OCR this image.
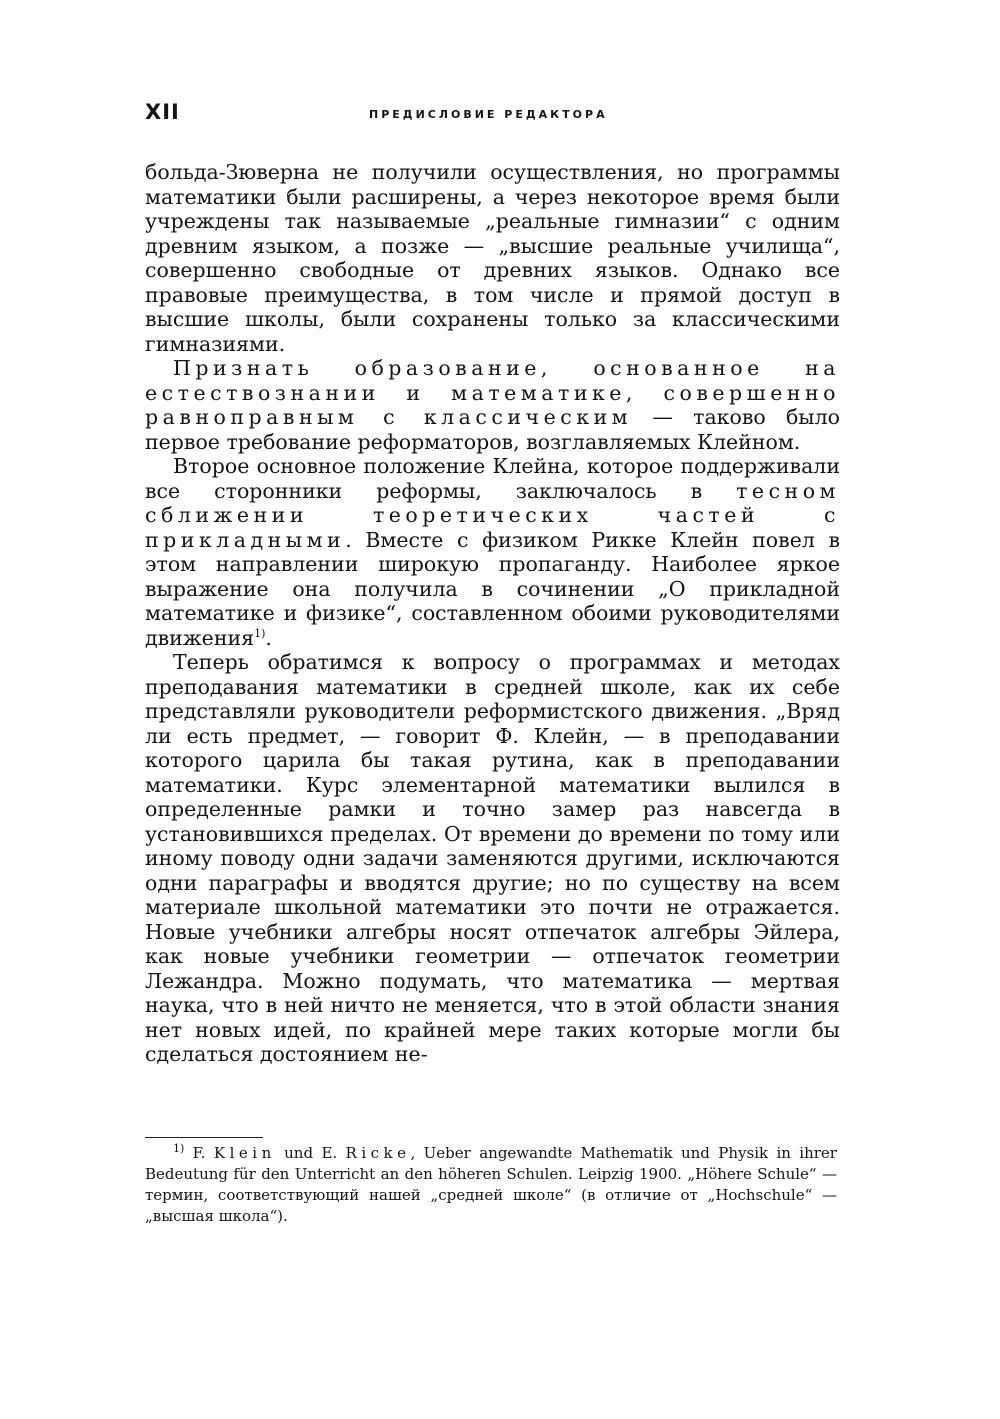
XII	ПРЕДИСЛОВИЕ РЕДАКТОРА

больда-Зюверна не получили осуществления, но программы математики были расширены, а через некоторое время были учреждены так называемые „реальные гимназии“ с одним древним языком, а позже — „высшие реальные училища“, совершенно свободные от древних языков. Однако все правовые преимущества, в том числе и прямой доступ в высшие школы, были сохранены только за классическими гимназиями.

Признать образование, основанное на естествознании и математике, совершенно равноправным с классическим — таково было первое требование реформаторов, возглавляемых Клейном.

Второе основное положение Клейна, которое поддерживали все сторонники реформы, заключалось в тесном сближении теоретических частей с прикладными. Вместе с физиком Рикке Клейн повел в этом направлении широкую пропаганду. Наиболее яркое выражение она получила в сочинении „О прикладной математике и физике“, составленном обоими руководителями движения$^{1)}$.

Теперь обратимся к вопросу о программах и методах преподавания математики в средней школе, как их себе представляли руководители реформистского движения. „Вряд ли есть предмет, — говорит Ф. Клейн, — в преподавании которого царила бы такая рутина, как в преподавании математики. Курс элементарной математики вылился в определенные рамки и точно замер раз навсегда в установившихся пределах. От времени до времени по тому или иному поводу одни задачи заменяются другими, исключаются одни параграфы и вводятся другие; но по существу на всем материале школьной математики это почти не отражается. Новые учебники алгебры носят отпечаток алгебры Эйлера, как новые учебники геометрии — отпечаток геометрии Лежандра. Можно подумать, что математика — мертвая наука, что в ней ничто не меняется, что в этой области знания нет новых идей, по крайней мере таких которые могли бы сделаться достоянием не-

$^{1)}$ F. Klein und E. Ricke, Ueber angewandte Mathematik und Physik in ihrer Bedeutung für den Unterricht an den höheren Schulen. Leipzig 1900. „Höhere Schule“ — термин, соответствующий нашей „средней школе“ (в отличие от „Hochschule“ — „высшая школа“).
